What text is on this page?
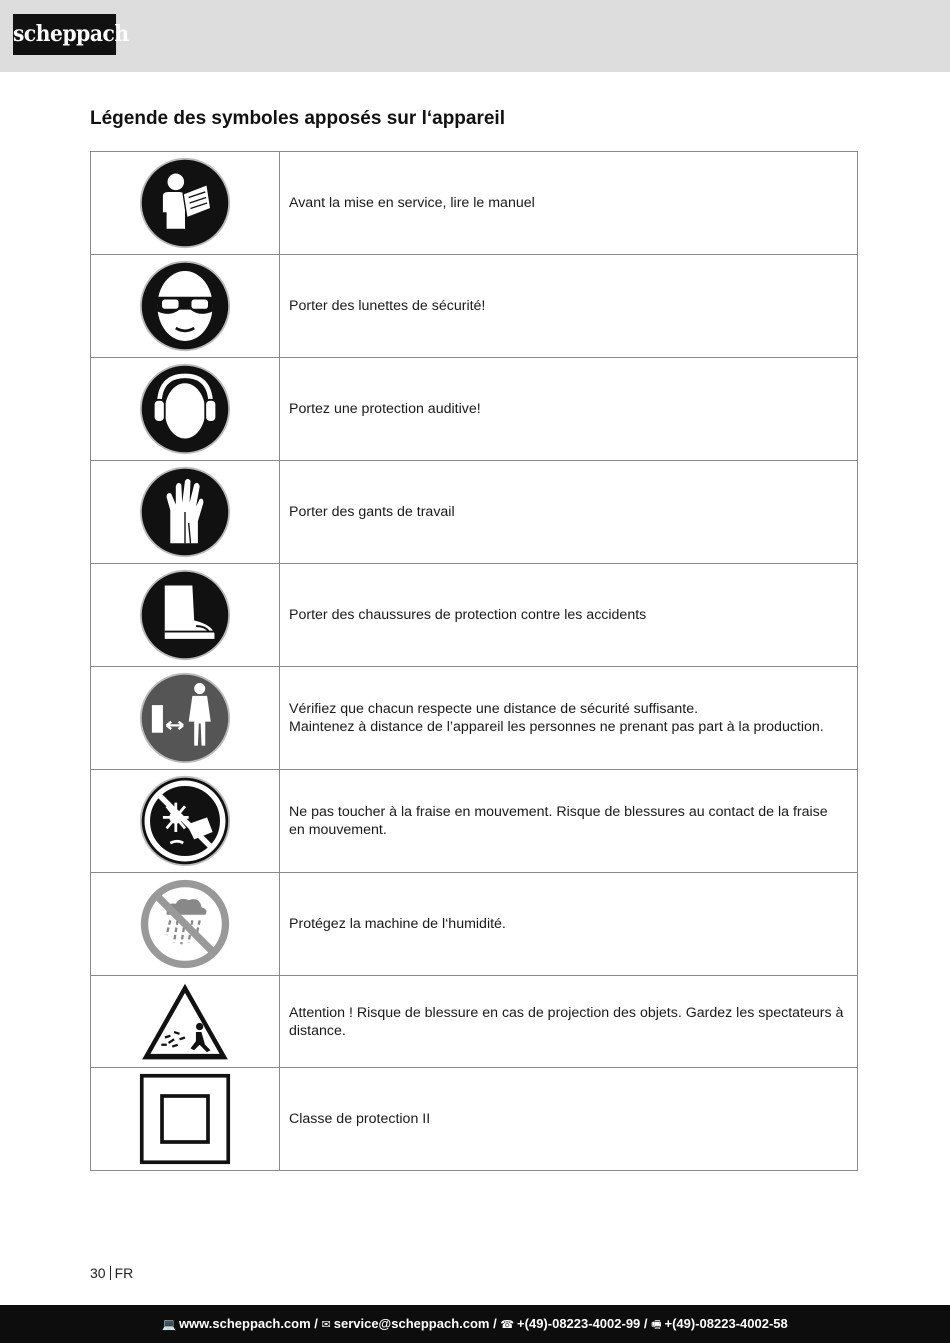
scheppach
Légende des symboles apposés sur l‘appareil

Avant la mise en service, lire le manuel

Porter des lunettes de sécurité!

Portez une protection auditive!

Porter des gants de travail

Porter des chaussures de protection contre les accidents

Vérifiez que chacun respecte une distance de sécurité suffisante.
Maintenez à distance de l’appareil les personnes ne prenant pas part à la production.

Ne pas toucher à la fraise en mouvement. Risque de blessures au contact de la fraise en mouvement.

Protégez la machine de l‘humidité.

Attention ! Risque de blessure en cas de projection des objets. Gardez les spectateurs à distance.

Classe de protection II
30 FR
💻 www.scheppach.com / ✉ service@scheppach.com / ☎ +(49)-08223-4002-99 / 🖷 +(49)-08223-4002-58
